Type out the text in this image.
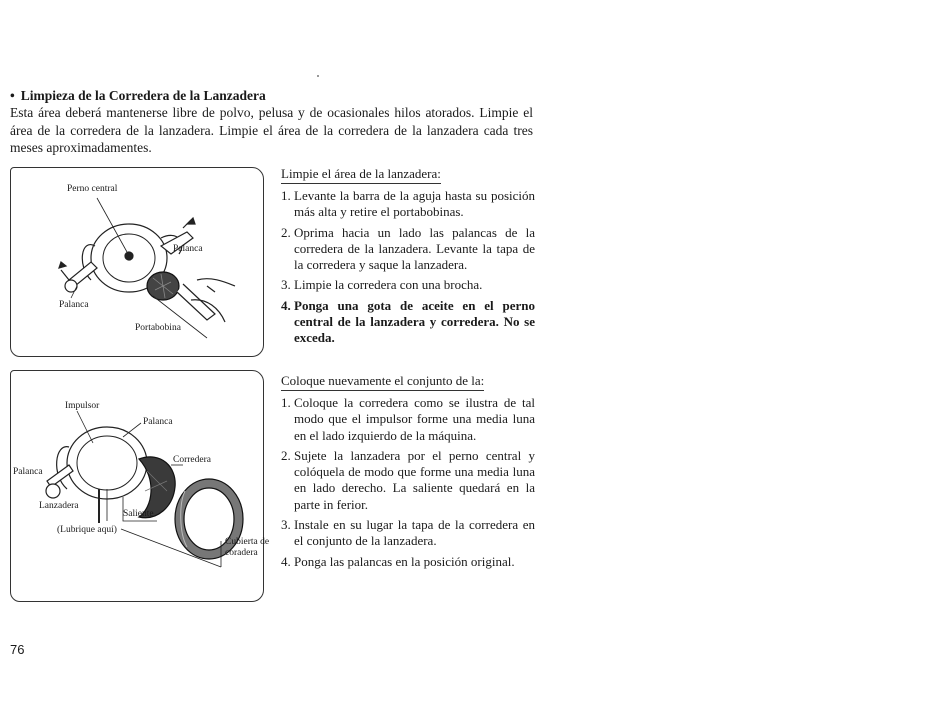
• Limpieza de la Corredera de la Lanzadera

Esta área deberá mantenerse libre de polvo, pelusa y de ocasionales hilos atorados. Limpie el área de la corredera de la lanzadera. Limpie el área de la corredera de la lanzadera cada tres meses aproximadamentes.

Perno central
Palanca
Palanca
Portabobina
Limpie el área de la lanzadera:
1. Levante la barra de la aguja hasta su posición más alta y retire el portabobinas.
2. Oprima hacia un lado las palancas de la corredera de la lanzadera. Levante la tapa de la corredera y saque la lanzadera.
3. Limpie la corredera con una brocha.
4. Ponga una gota de aceite en el perno central de la lanzadera y corredera. No se exceda.
Impulsor
Palanca
Corredera
Palanca
Lanzadera
(Lubrique aquí)
Saliente
Cubierta de
coradera
Coloque nuevamente el conjunto de la:
1. Coloque la corredera como se ilustra de tal modo que el impulsor forme una media luna en el lado izquierdo de la máquina.
2. Sujete la lanzadera por el perno central y colóquela de modo que forme una media luna en lado derecho. La saliente quedará en la parte in ferior.
3. Instale en su lugar la tapa de la corredera en el conjunto de la lanzadera.
4. Ponga las palancas en la posición original.
76
